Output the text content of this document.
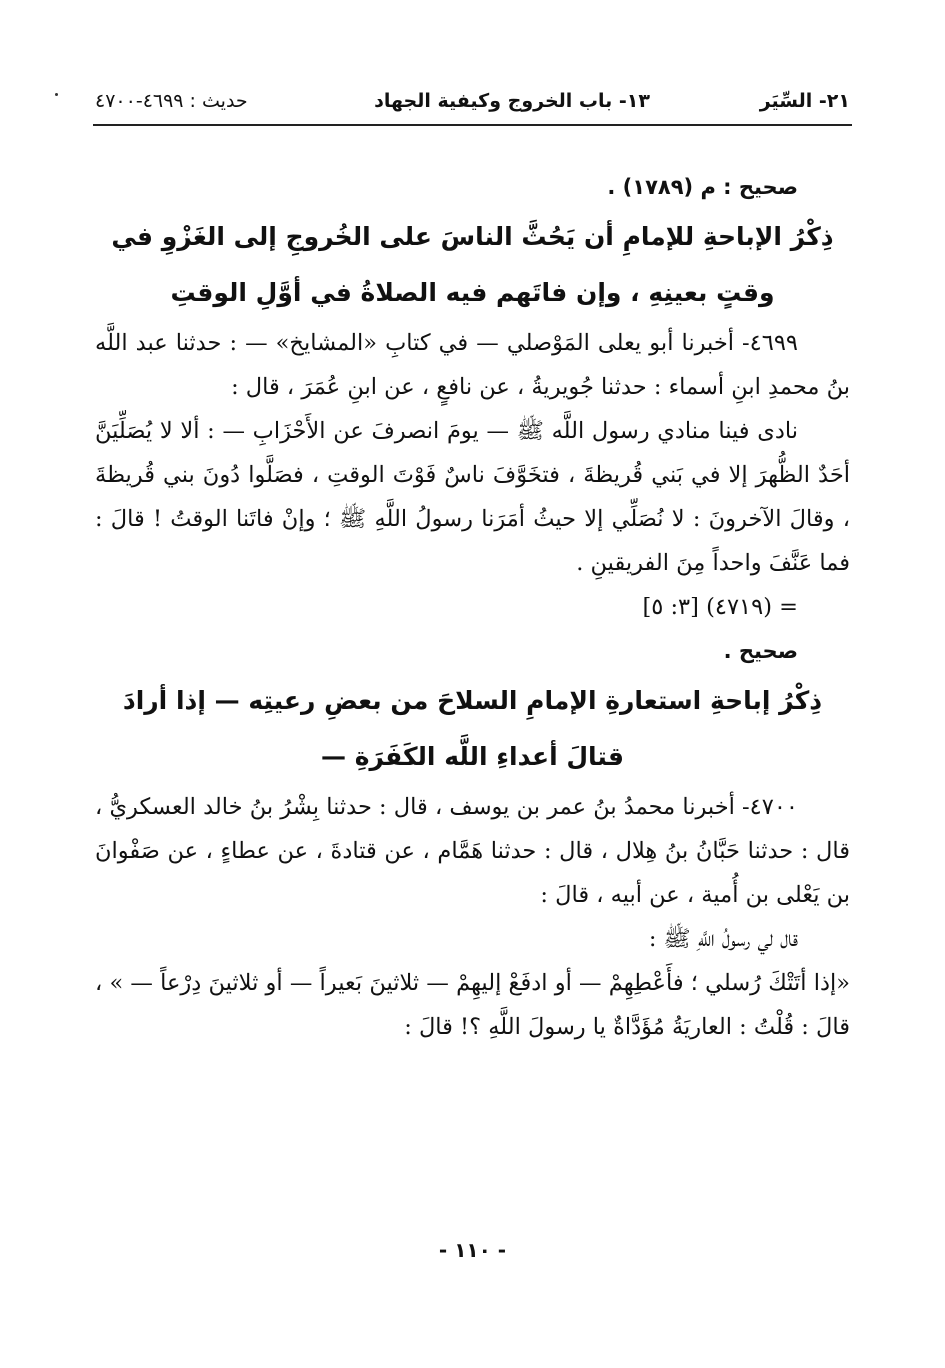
٢١- السِّيَر
١٣- باب الخروج وكيفية الجهاد
حديث : ٤٦٩٩-٤٧٠٠

صحيح : م (١٧٨٩) .

ذِكْرُ الإباحةِ للإمامِ أن يَحُثَّ الناسَ على الخُروجِ إلى الغَزْوِ في وقتٍ بعينِهِ ، وإن فاتَهم فيه الصلاةُ في أوَّلِ الوقتِ

٤٦٩٩- أخبرنا أبو يعلى المَوْصلي — في كتابِ «المشايخ» — : حدثنا عبد اللَّه بنُ محمدِ ابنِ أسماء : حدثنا جُويريةُ ، عن نافعٍ ، عن ابنِ عُمَرَ ، قال :

نادى فينا منادي رسول اللَّه ﷺ — يومَ انصرفَ عن الأَحْزَابِ — : ألا لا يُصَلِّيَنَّ أحَدٌ الظُّهرَ إلا في بَني قُريظةَ ، فتخَوَّفَ ناسٌ فَوْتَ الوقتِ ، فصَلَّوا دُونَ بني قُريظةَ ، وقالَ الآخرونَ : لا نُصَلِّي إلا حيثُ أمَرَنا رسولُ اللَّهِ ﷺ ؛ وإنْ فاتَنا الوقتُ ! قالَ : فما عَنَّفَ واحداً مِنَ الفريقينِ .

= (٤٧١٩) [٣: ٥]

صحيح .

ذِكْرُ إباحةِ استعارةِ الإمامِ السلاحَ من بعضِ رعيتِه — إذا أرادَ قتالَ أعداءِ اللَّه الكَفَرَةِ —

٤٧٠٠- أخبرنا محمدُ بنُ عمر بن يوسف ، قال : حدثنا بِشْرُ بنُ خالد العسكريُّ ، قال : حدثنا حَبَّانُ بنُ هِلال ، قال : حدثنا هَمَّام ، عن قتادةَ ، عن عطاءٍ ، عن صَفْوانَ بن يَعْلى بن أُمية ، عن أبيه ، قالَ :

قال لي رسولُ اللَّهِ ﷺ :

«إذا أتَتْكَ رُسلي ؛ فأَعْطِهِمْ — أو ادفَعْ إليهِمْ — ثلاثينَ بَعيراً — أو ثلاثينَ دِرْعاً — » ، قالَ : قُلْتُ : العاريَةُ مُؤَدَّاةٌ يا رسولَ اللَّهِ ؟! قالَ :

- ١١٠ -
